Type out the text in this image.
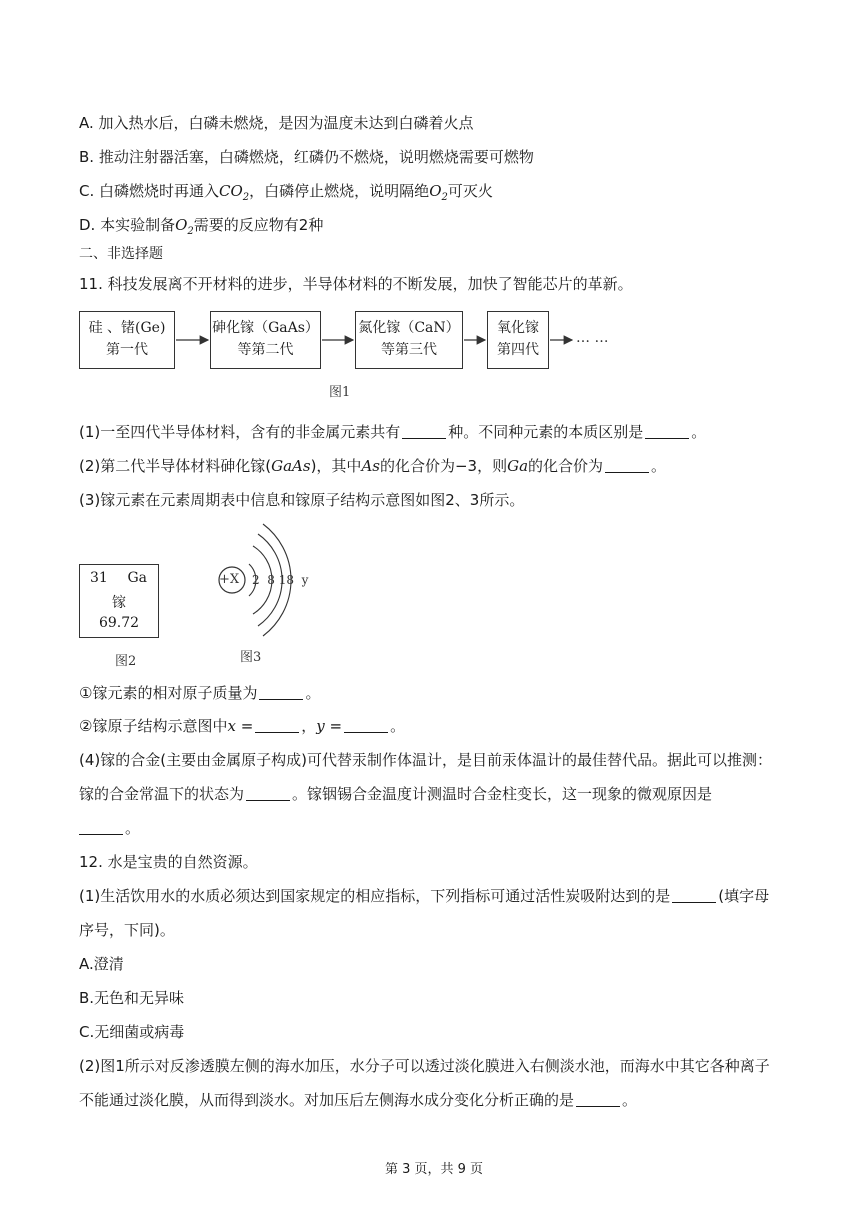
A. 加入热水后，白磷未燃烧，是因为温度未达到白磷着火点
B. 推动注射器活塞，白磷燃烧，红磷仍不燃烧，说明燃烧需要可燃物
C. 白磷燃烧时再通入$CO_2$，白磷停止燃烧，说明隔绝$O_2$可灭火
D. 本实验制备$O_2$需要的反应物有2种
二、非选择题
11. 科技发展离不开材料的进步，半导体材料的不断发展，加快了智能芯片的革新。
硅 、锗(Ge)
第一代
砷化镓（GaAs）
等第二代
氮化镓（CaN）
等第三代
氧化镓
第四代
… …
图1
(1)一至四代半导体材料，含有的非金属元素共有	种。不同种元素的本质区别是	。
(2)第二代半导体材料砷化镓(GaAs)，其中As的化合价为−3，则Ga的化合价为	。
(3)镓元素在元素周期表中信息和镓原子结构示意图如图2、3所示。
31 Ga
镓
69.72
图2
+X 2  8 18  y
图3
①镓元素的相对原子质量为	。
②镓原子结构示意图中x =	，y =	。
(4)镓的合金(主要由金属原子构成)可代替汞制作体温计，是目前汞体温计的最佳替代品。据此可以推测：
镓的合金常温下的状态为	。镓铟锡合金温度计测温时合金柱变长，这一现象的微观原因是
。
12. 水是宝贵的自然资源。
(1)生活饮用水的水质必须达到国家规定的相应指标，下列指标可通过活性炭吸附达到的是	(填字母
序号，下同)。
A.澄清
B.无色和无异味
C.无细菌或病毒
(2)图1所示对反渗透膜左侧的海水加压，水分子可以透过淡化膜进入右侧淡水池，而海水中其它各种离子
不能通过淡化膜，从而得到淡水。对加压后左侧海水成分变化分析正确的是	。
第 3 页，共 9 页
